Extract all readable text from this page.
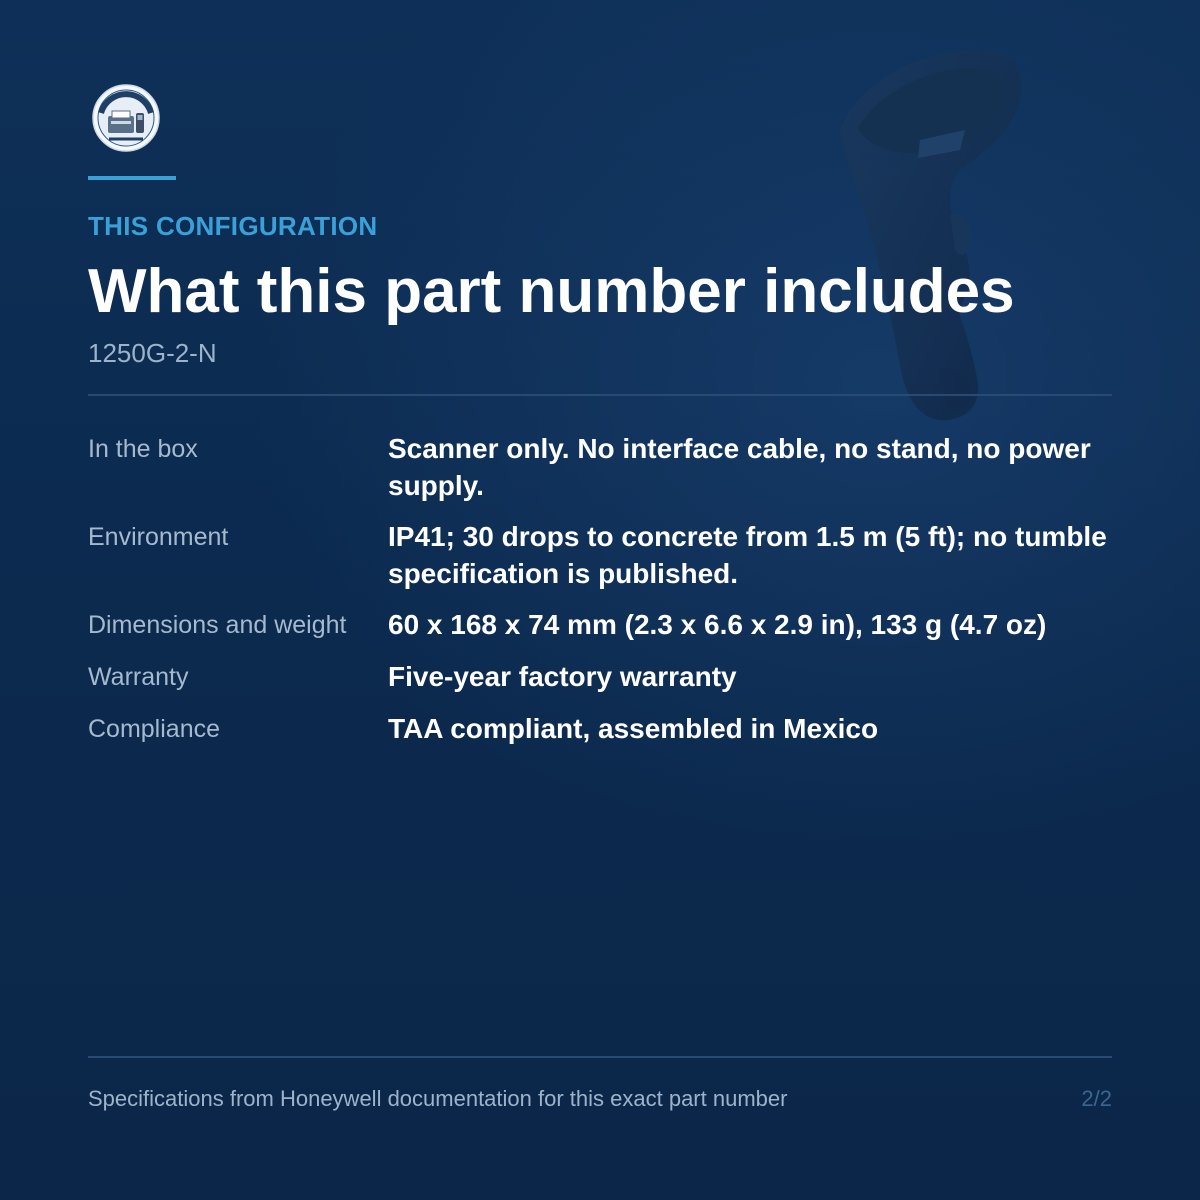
THIS CONFIGURATION
What this part number includes
1250G-2-N
In the box	Scanner only. No interface cable, no stand, no power supply.
Environment	IP41; 30 drops to concrete from 1.5 m (5 ft); no tumble specification is published.
Dimensions and weight	60 x 168 x 74 mm (2.3 x 6.6 x 2.9 in), 133 g (4.7 oz)
Warranty	Five-year factory warranty
Compliance	TAA compliant, assembled in Mexico
Specifications from Honeywell documentation for this exact part number	2/2
